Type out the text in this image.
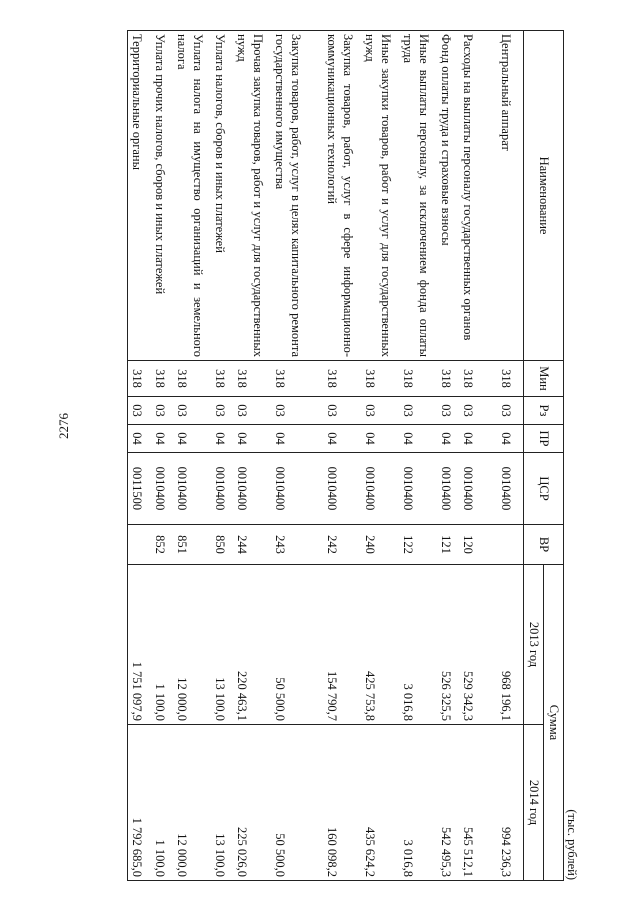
2276
(тыс. рублей)
Наименование	Мин	Рз	ПР	ЦСР	ВР	Сумма	
						2013 год	2014 год
Центральный аппарат	318	03	04	0010400		968 196,1	994 236,3
Расходы на выплаты персоналу государственных органов	318	03	04	0010400	120	529 342,3	545 512,1
Фонд оплаты труда и страховые взносы	318	03	04	0010400	121	526 325,5	542 495,3
Иные выплаты персоналу, за исключением фонда оплаты труда	318	03	04	0010400	122	3 016,8	3 016,8
Иные закупки товаров, работ и услуг для государственных нужд	318	03	04	0010400	240	425 753,8	435 624,2
Закупка товаров, работ, услуг в сфере информационно-коммуникационных технологий	318	03	04	0010400	242	154 790,7	160 098,2
Закупка товаров, работ, услуг в целях капитального ремонта государственного имущества	318	03	04	0010400	243	50 500,0	50 500,0
Прочая закупка товаров, работ и услуг для государственных нужд	318	03	04	0010400	244	220 463,1	225 026,0
Уплата налогов, сборов и иных платежей	318	03	04	0010400	850	13 100,0	13 100,0
Уплата налога на имущество организаций и земельного налога	318	03	04	0010400	851	12 000,0	12 000,0
Уплата прочих налогов, сборов и иных платежей	318	03	04	0010400	852	1 100,0	1 100,0
Территориальные органы	318	03	04	0011500		1 751 097,9	1 792 685,0
